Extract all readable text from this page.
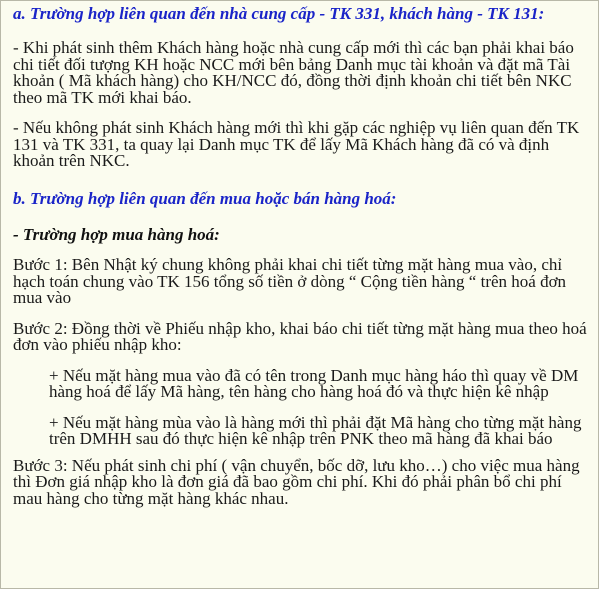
a. Trường hợp liên quan đến nhà cung cấp - TK 331, khách hàng - TK 131:
- Khi phát sinh thêm Khách hàng hoặc nhà cung cấp mới thì các bạn phải khai báo chi tiết đối tượng KH hoặc NCC mới bên bảng Danh mục tài khoản và đặt mã Tài khoản ( Mã khách hàng) cho KH/NCC đó, đồng thời định khoản chi tiết bên NKC theo mã TK mới khai báo.
- Nếu không phát sinh Khách hàng mới thì khi gặp các nghiệp vụ liên quan đến TK 131 và TK 331, ta quay lại Danh mục TK để lấy Mã Khách hàng đã có và định khoản trên NKC.
b. Trường hợp liên quan đến mua hoặc bán hàng hoá:
- Trường hợp mua hàng hoá:
Bước 1: Bên Nhật ký chung không phải khai chi tiết từng mặt hàng mua vào, chỉ hạch toán chung vào TK 156 tổng số tiền ở dòng “ Cộng tiền hàng “ trên hoá đơn mua vào
Bước 2: Đồng thời về Phiếu nhập kho, khai báo chi tiết từng mặt hàng mua theo hoá đơn vào phiếu nhập kho:
+ Nếu mặt hàng mua vào đã có tên trong Danh mục hàng háo thì quay về DM hàng hoá để lấy Mã hàng, tên hàng cho hàng hoá đó và thực hiện kê nhập
+ Nếu mặt hàng mùa vào là hàng mới thì phải đặt Mã hàng cho từng mặt hàng trên DMHH sau đó thực hiện kê nhập trên PNK theo mã hàng đã khai báo
Bước 3: Nếu phát sinh chi phí ( vận chuyển, bốc dỡ, lưu kho…) cho việc mua hàng thì Đơn giá nhập kho là đơn giá đã bao gồm chi phí. Khi đó phải phân bổ chi phí mau hàng cho từng mặt hàng khác nhau.
